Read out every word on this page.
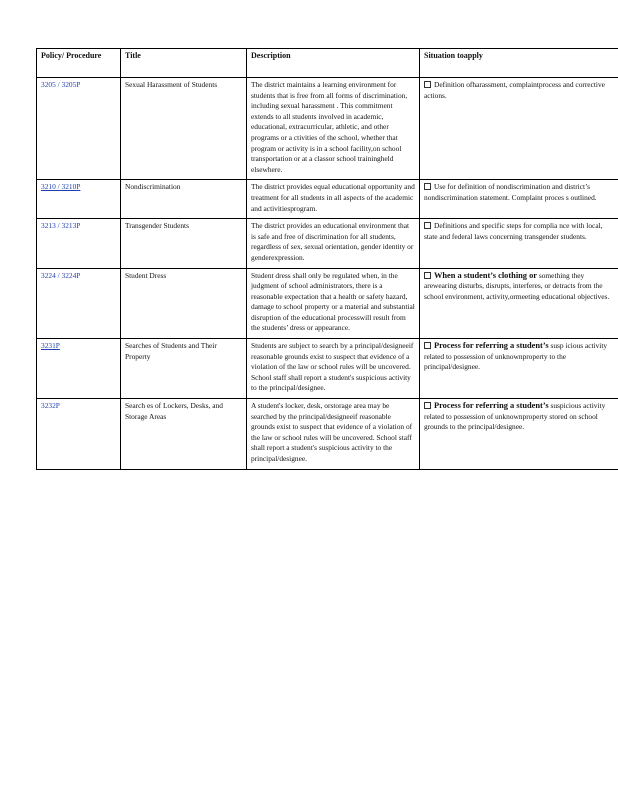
Policy/ Procedure	Title	Description	Situation toapply
3205 / 3205P	Sexual Harassment of Students	The district maintains a learning environment for students that is free from all forms of discrimination, including sexual harassment . This commitment extends to all students involved in academic, educational, extracurricular, athletic, and other programs or a ctivities of the school, whether that program or activity is in a school facility,on school transportation or at a classor school trainingheld elsewhere.	Definition ofharassment, complaintprocess and corrective actions.
3210 / 3210P	Nondiscrimination	The district provides equal educational opportunity and treatment for all students in all aspects of the academic and activitiesprogram.	Use for definition of nondiscrimination and district’s nondiscrimination statement. Complaint proces s outlined.
3213 / 3213P	Transgender Students	The district provides an educational environment that is safe and free of discrimination for all students, regardless of sex, sexual orientation, gender identity or genderexpression.	Definitions and specific steps for complia nce with local, state and federal laws concerning transgender students.
3224 / 3224P	Student Dress	Student dress shall only be regulated when, in the judgment of school administrators, there is a reasonable expectation that a health or safety hazard, damage to school property or a material and substantial disruption of the educational processwill result from the students’ dress or appearance.	When a student’s clothing or something they arewearing disturbs, disrupts, interferes, or detracts from the school environment, activity,ormeeting educational objectives.
3231P	Searches of Students and Their Property	Students are subject to search by a principal/designeeif reasonable grounds exist to suspect that evidence of a violation of the law or school rules will be uncovered. School staff shall report a student's suspicious activity to the principal/designee.	Process for referring a student’s susp icious activity related to possession of unknownproperty to the principal/designee.
3232P	Search es of Lockers, Desks, and Storage Areas	A student's locker, desk, orstorage area may be searched by the principal/designeeif reasonable grounds exist to suspect that evidence of a violation of the law or school rules will be uncovered. School staff shall report a student's suspicious activity to the principal/designee.	Process for referring a student’s suspicious activity related to possession of unknownproperty stored on school grounds to the principal/designee.
